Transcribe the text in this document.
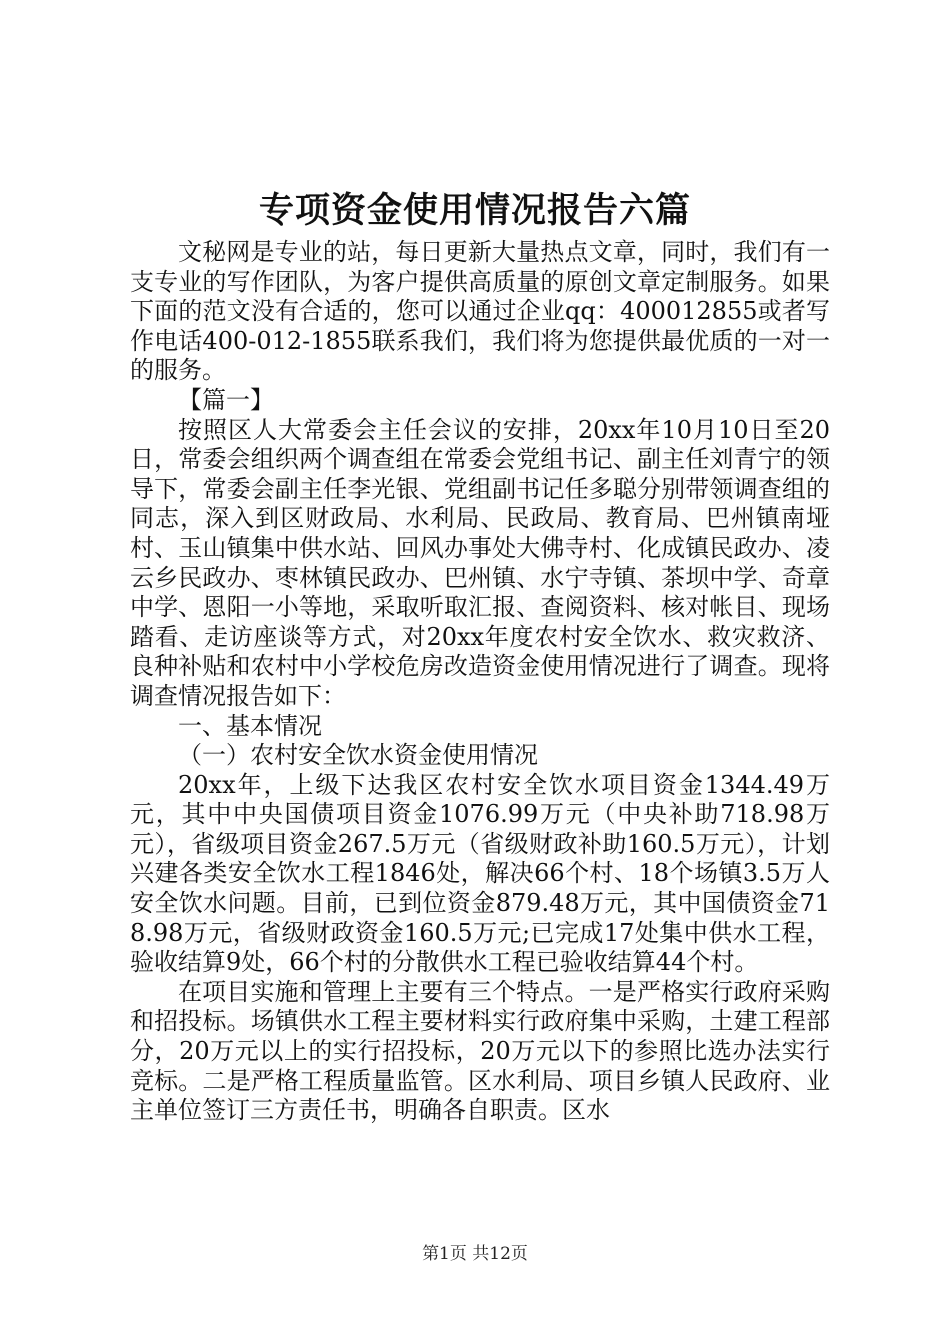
专项资金使用情况报告六篇

文秘网是专业的站，每日更新大量热点文章，同时，我们有一支专业的写作团队，为客户提供高质量的原创文章定制服务。如果下面的范文没有合适的，您可以通过企业qq：400012855或者写作电话400-012-1855联系我们，我们将为您提供最优质的一对一的服务。

【篇一】

按照区人大常委会主任会议的安排，20xx年10月10日至20日，常委会组织两个调查组在常委会党组书记、副主任刘青宁的领导下，常委会副主任李光银、党组副书记任多聪分别带领调查组的同志，深入到区财政局、水利局、民政局、教育局、巴州镇南垭村、玉山镇集中供水站、回风办事处大佛寺村、化成镇民政办、凌云乡民政办、枣林镇民政办、巴州镇、水宁寺镇、茶坝中学、奇章中学、恩阳一小等地，采取听取汇报、查阅资料、核对帐目、现场踏看、走访座谈等方式，对20xx年度农村安全饮水、救灾救济、良种补贴和农村中小学校危房改造资金使用情况进行了调查。现将调查情况报告如下：

一、基本情况

（一）农村安全饮水资金使用情况

20xx年，上级下达我区农村安全饮水项目资金1344.49万元，其中中央国债项目资金1076.99万元（中央补助718.98万元），省级项目资金267.5万元（省级财政补助160.5万元），计划兴建各类安全饮水工程1846处，解决66个村、18个场镇3.5万人安全饮水问题。目前，已到位资金879.48万元，其中国债资金718.98万元，省级财政资金160.5万元;已完成17处集中供水工程，验收结算9处，66个村的分散供水工程已验收结算44个村。

在项目实施和管理上主要有三个特点。一是严格实行政府采购和招投标。场镇供水工程主要材料实行政府集中采购，土建工程部分，20万元以上的实行招投标，20万元以下的参照比选办法实行竞标。二是严格工程质量监管。区水利局、项目乡镇人民政府、业主单位签订三方责任书，明确各自职责。区水

第1页 共12页
